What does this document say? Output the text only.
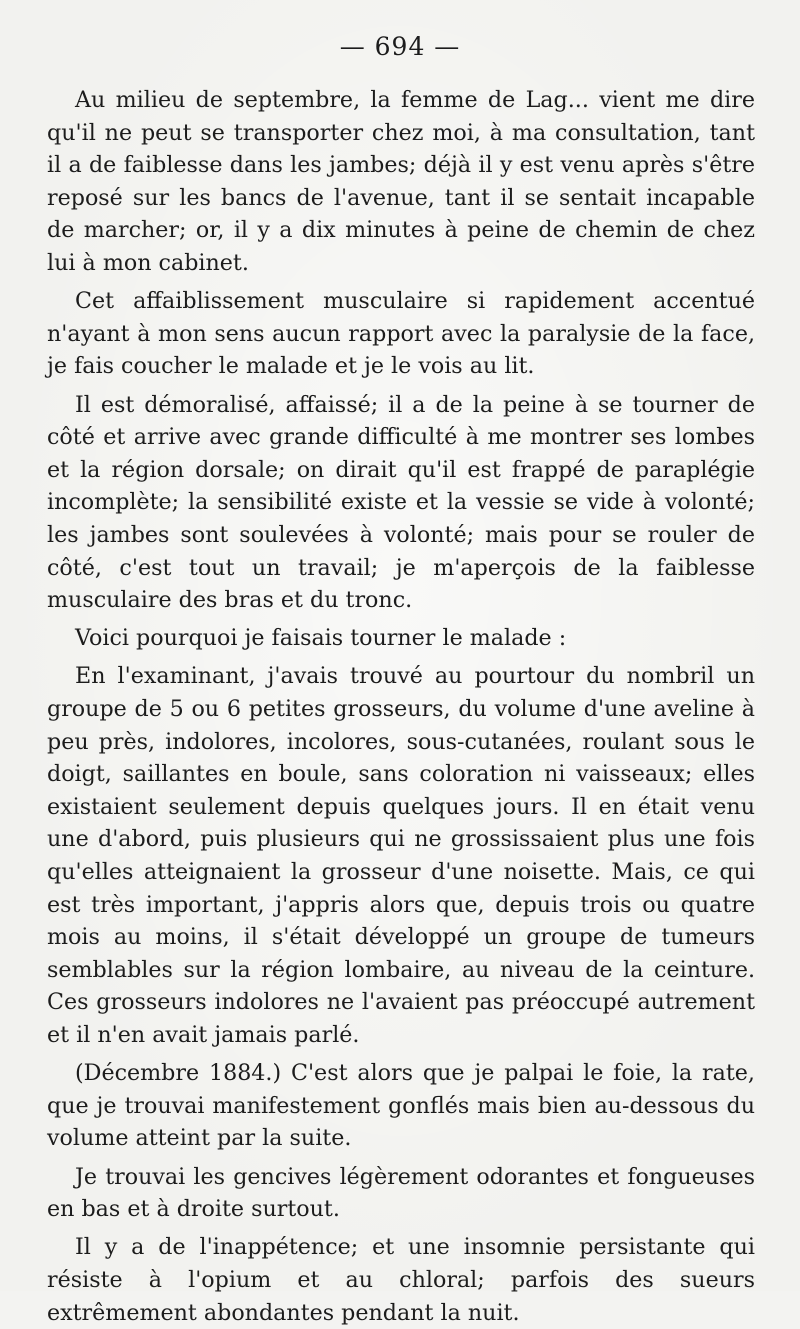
— 694 —

Au milieu de septembre, la femme de Lag... vient me dire qu'il ne peut se transporter chez moi, à ma consultation, tant il a de faiblesse dans les jambes; déjà il y est venu après s'être reposé sur les bancs de l'avenue, tant il se sentait incapable de marcher; or, il y a dix minutes à peine de chemin de chez lui à mon cabinet.

Cet affaiblissement musculaire si rapidement accentué n'ayant à mon sens aucun rapport avec la paralysie de la face, je fais coucher le malade et je le vois au lit.

Il est démoralisé, affaissé; il a de la peine à se tourner de côté et arrive avec grande difficulté à me montrer ses lombes et la région dorsale; on dirait qu'il est frappé de paraplégie incomplète; la sensibilité existe et la vessie se vide à volonté; les jambes sont soulevées à volonté; mais pour se rouler de côté, c'est tout un travail; je m'aperçois de la faiblesse musculaire des bras et du tronc.

Voici pourquoi je faisais tourner le malade :

En l'examinant, j'avais trouvé au pourtour du nombril un groupe de 5 ou 6 petites grosseurs, du volume d'une aveline à peu près, indolores, incolores, sous-cutanées, roulant sous le doigt, saillantes en boule, sans coloration ni vaisseaux; elles existaient seulement depuis quelques jours. Il en était venu une d'abord, puis plusieurs qui ne grossissaient plus une fois qu'elles atteignaient la grosseur d'une noisette. Mais, ce qui est très important, j'appris alors que, depuis trois ou quatre mois au moins, il s'était développé un groupe de tumeurs semblables sur la région lombaire, au niveau de la ceinture. Ces grosseurs indolores ne l'avaient pas préoccupé autrement et il n'en avait jamais parlé.

(Décembre 1884.) C'est alors que je palpai le foie, la rate, que je trouvai manifestement gonflés mais bien au-dessous du volume atteint par la suite.

Je trouvai les gencives légèrement odorantes et fongueuses en bas et à droite surtout.

Il y a de l'inappétence; et une insomnie persistante qui résiste à l'opium et au chloral; parfois des sueurs extrêmement abondantes pendant la nuit.
